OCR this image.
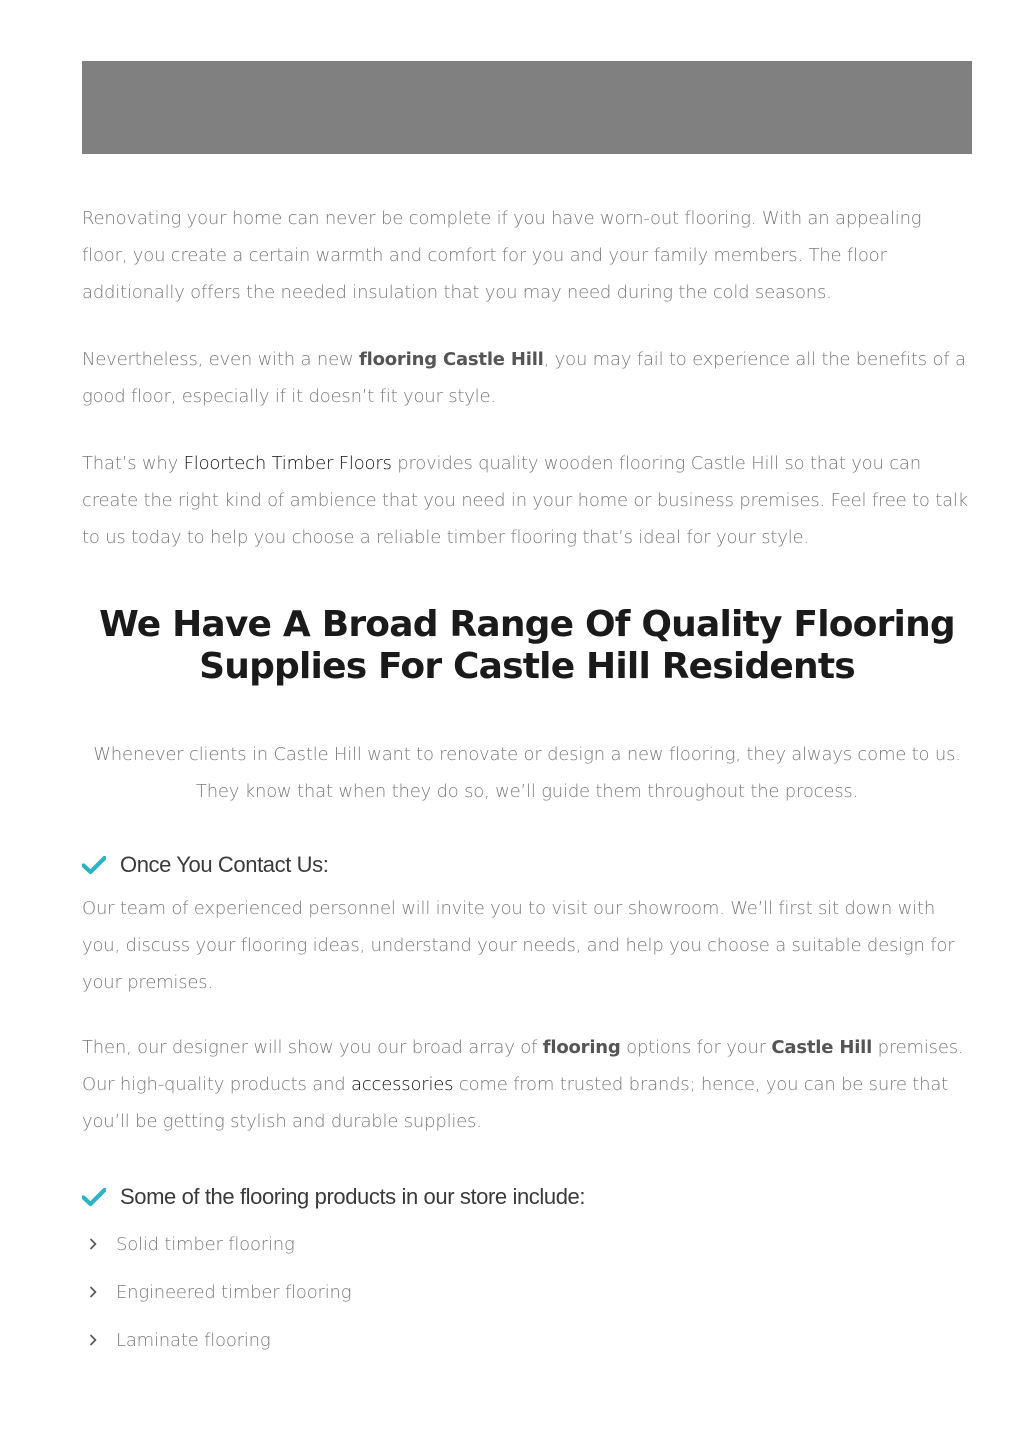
Renovating your home can never be complete if you have worn-out flooring. With an appealing floor, you create a certain warmth and comfort for you and your family members. The floor additionally offers the needed insulation that you may need during the cold seasons.

Nevertheless, even with a new flooring Castle Hill, you may fail to experience all the benefits of a good floor, especially if it doesn’t fit your style.

That’s why Floortech Timber Floors provides quality wooden flooring Castle Hill so that you can create the right kind of ambience that you need in your home or business premises. Feel free to talk to us today to help you choose a reliable timber flooring that’s ideal for your style.

We Have A Broad Range Of Quality Flooring
Supplies For Castle Hill Residents

Whenever clients in Castle Hill want to renovate or design a new flooring, they always come to us.
They know that when they do so, we’ll guide them throughout the process.

Once You Contact Us:

Our team of experienced personnel will invite you to visit our showroom. We’ll first sit down with you, discuss your flooring ideas, understand your needs, and help you choose a suitable design for your premises.

Then, our designer will show you our broad array of flooring options for your Castle Hill premises. Our high-quality products and accessories come from trusted brands; hence, you can be sure that you’ll be getting stylish and durable supplies.

Some of the flooring products in our store include:
Solid timber flooring
Engineered timber flooring
Laminate flooring
